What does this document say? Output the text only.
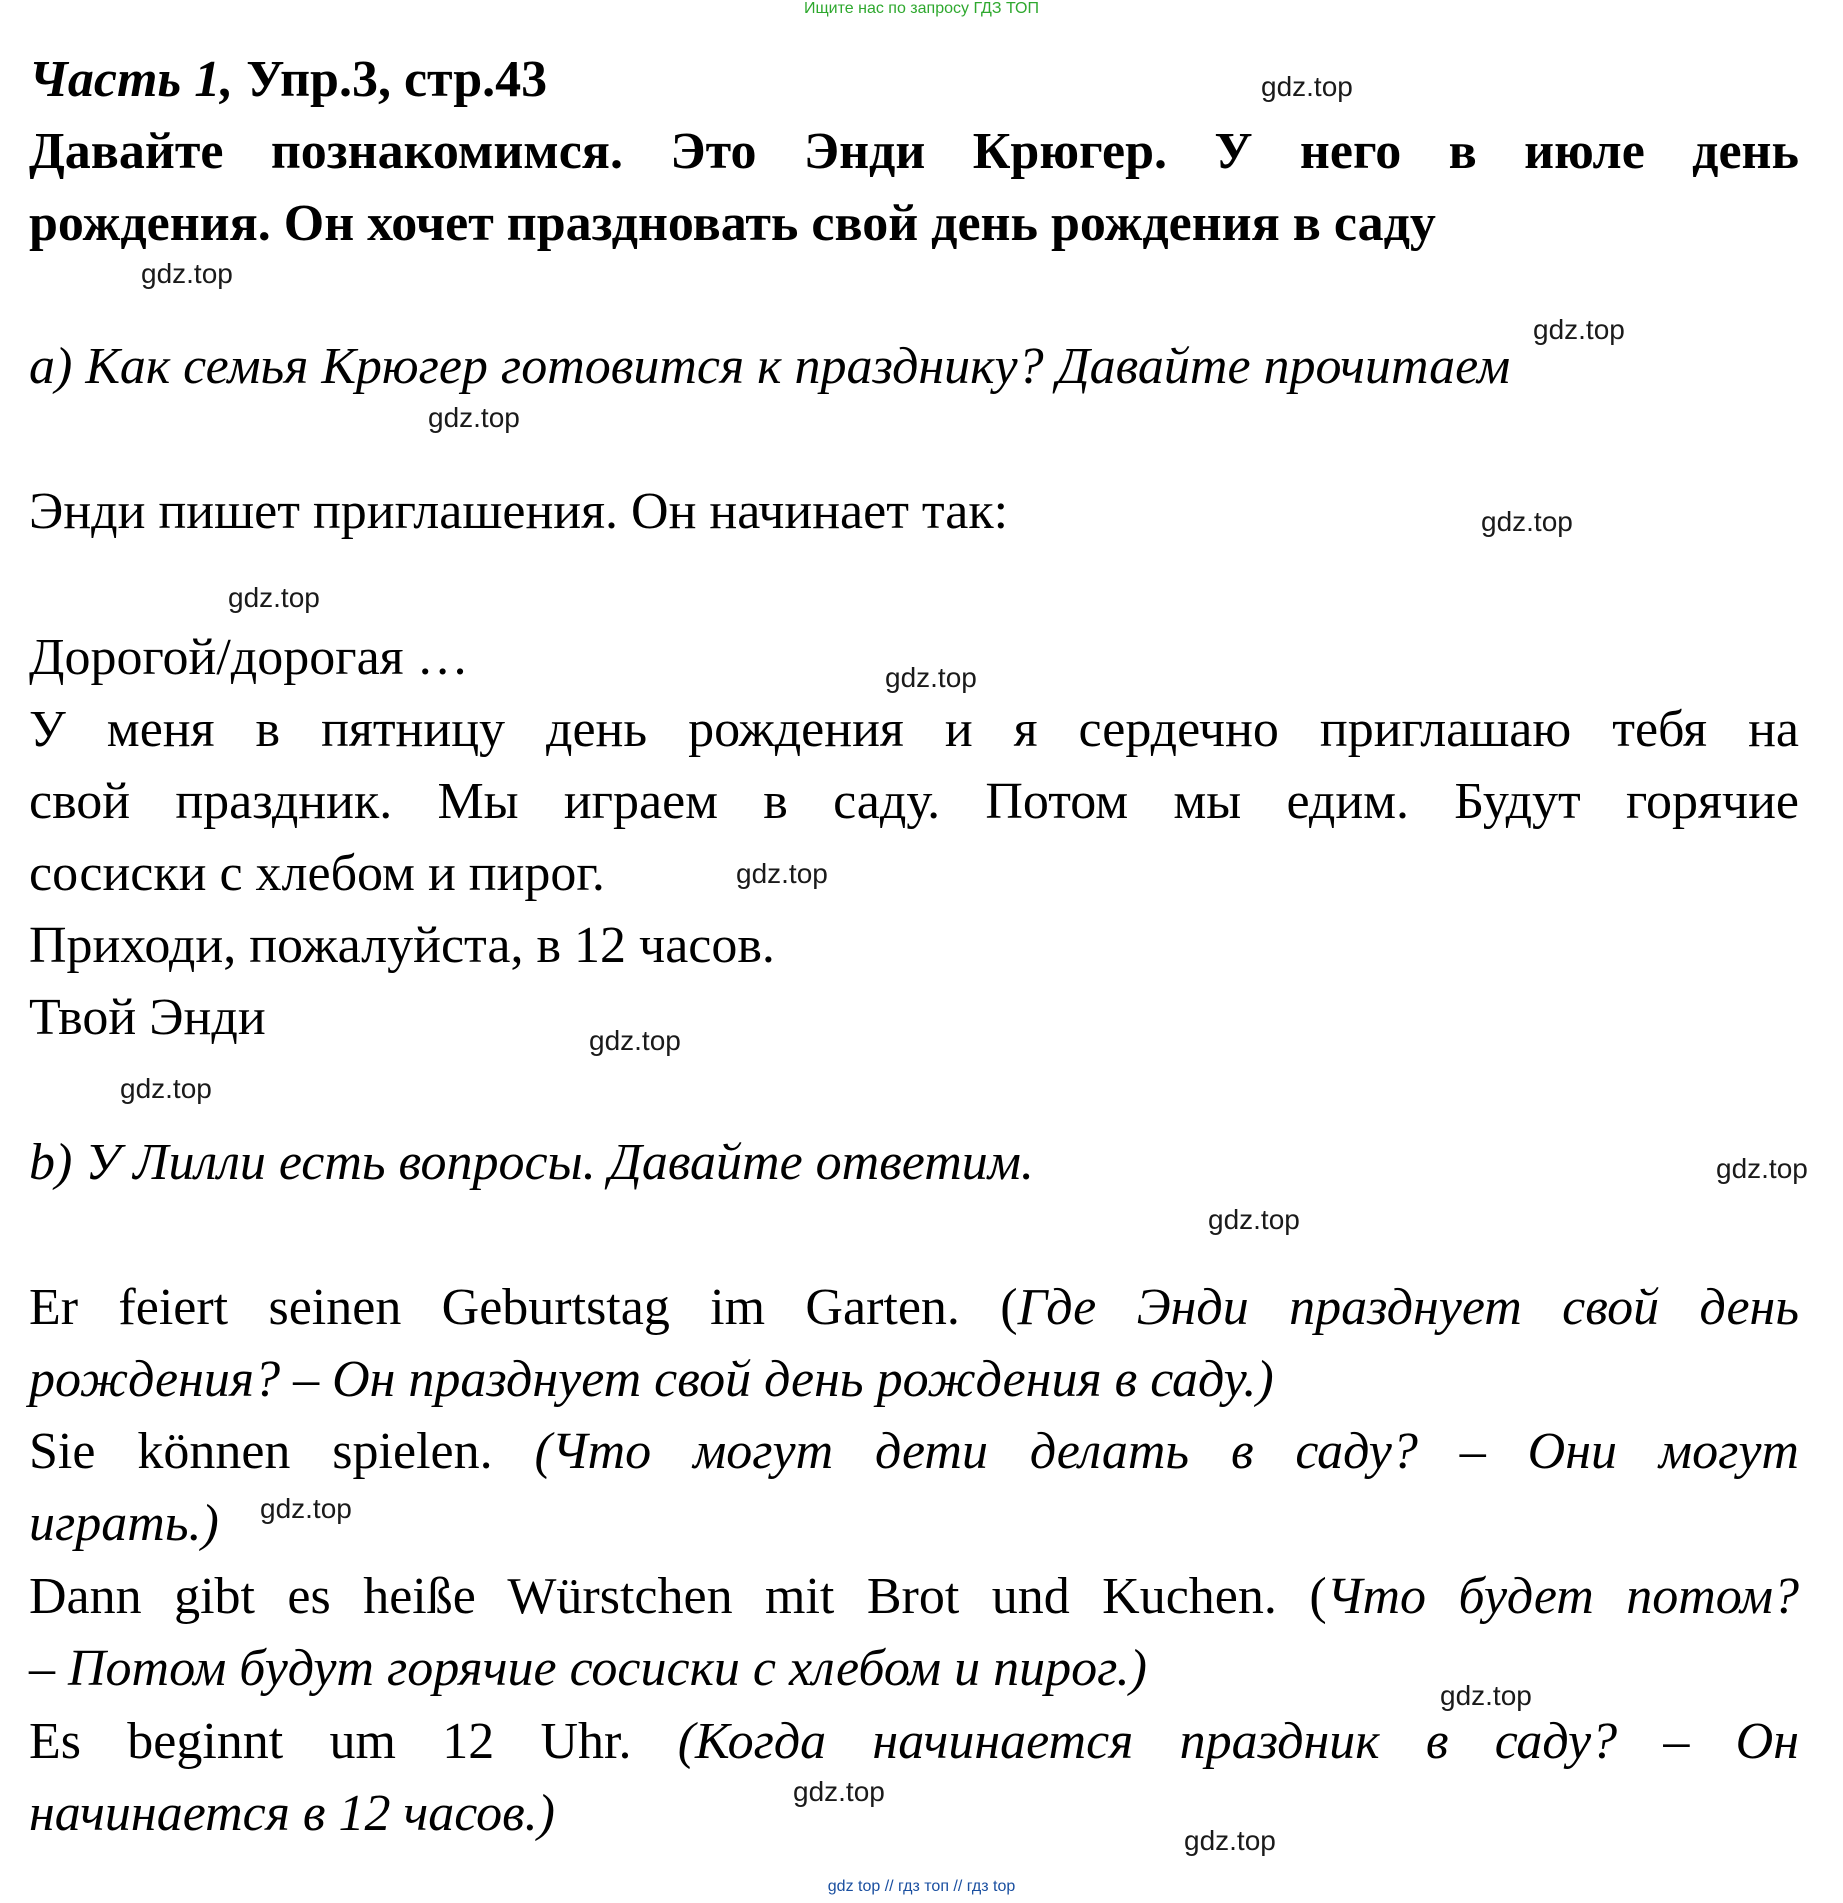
Ищите нас по запросу ГДЗ ТОП
Часть 1, Упр.3, стр.43
Давайте познакомимся. Это Энди Крюгер. У него в июле день
рождения. Он хочет праздновать свой день рождения в саду
а) Как семья Крюгер готовится к празднику? Давайте прочитаем
Энди пишет приглашения. Он начинает так:
Дорогой/дорогая …
У меня в пятницу день рождения и я сердечно приглашаю тебя на
свой праздник. Мы играем в саду. Потом мы едим. Будут горячие
сосиски с хлебом и пирог.
Приходи, пожалуйста, в 12 часов.
Твой Энди
b) У Лилли есть вопросы. Давайте ответим.
Er feiert seinen Geburtstag im Garten. (Где Энди празднует свой день
рождения? – Он празднует свой день рождения в саду.)
Sie können spielen. (Что могут дети делать в саду? – Они могут
играть.)
Dann gibt es heiße Würstchen mit Brot und Kuchen. (Что будет потом?
– Потом будут горячие сосиски с хлебом и пирог.)
Es beginnt um 12 Uhr. (Когда начинается праздник в саду? – Он
начинается в 12 часов.)
gdz.top
gdz.top
gdz.top
gdz.top
gdz.top
gdz.top
gdz.top
gdz.top
gdz.top
gdz.top
gdz.top
gdz.top
gdz.top
gdz.top
gdz.top
gdz.top
gdz top // гдз топ // гдз top
